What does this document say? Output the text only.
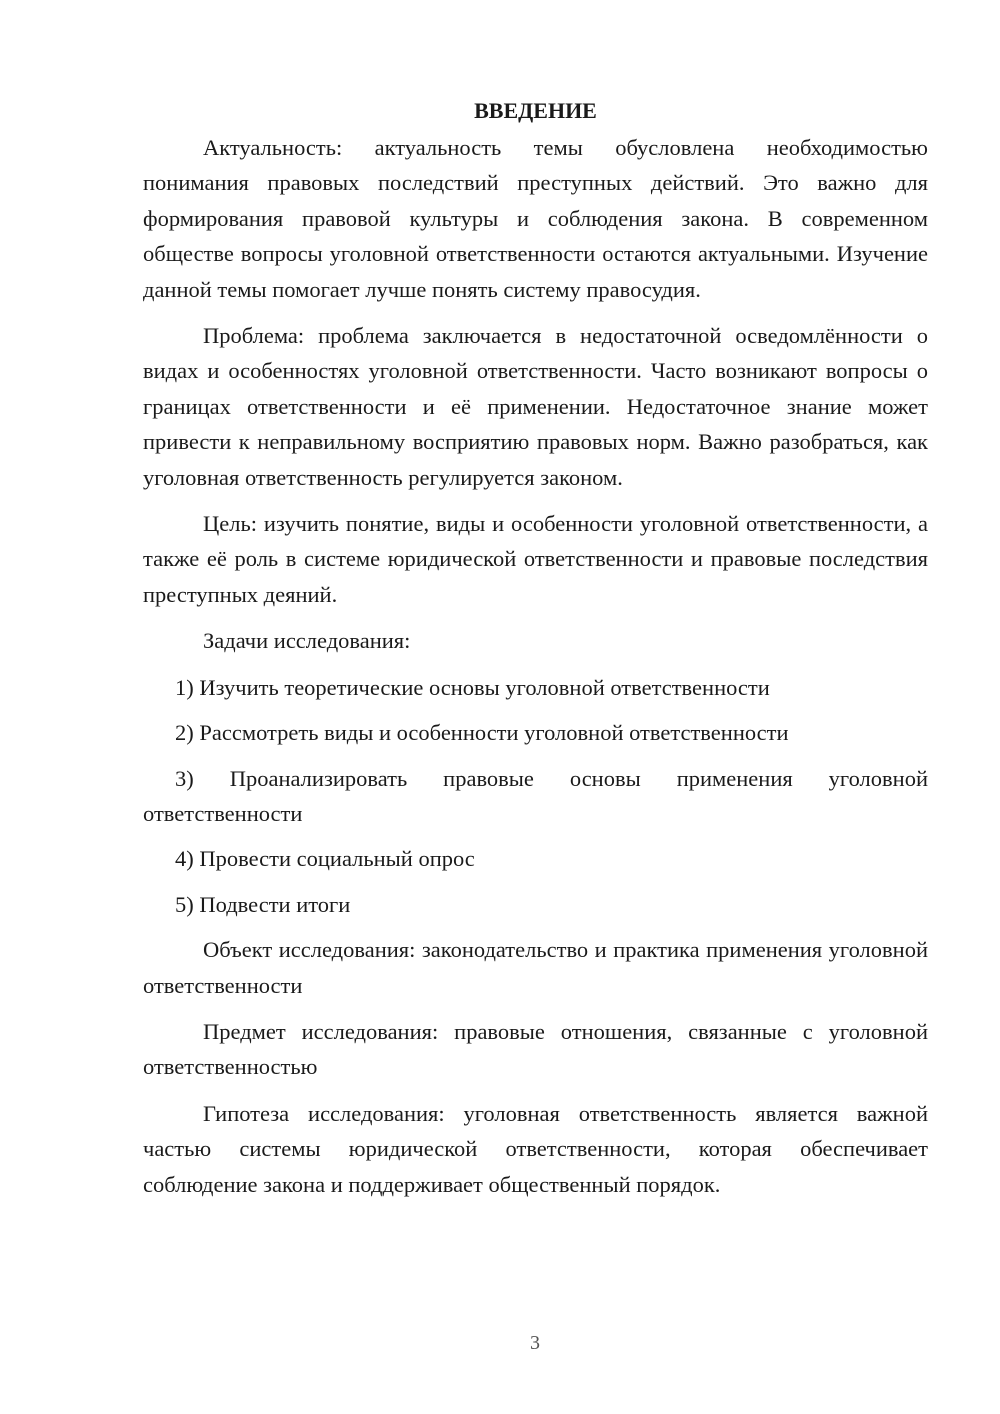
ВВЕДЕНИЕ

Актуальность: актуальность темы обусловлена необходимостью понимания правовых последствий преступных действий. Это важно для формирования правовой культуры и соблюдения закона. В современном обществе вопросы уголовной ответственности остаются актуальными. Изучение данной темы помогает лучше понять систему правосудия.

Проблема: проблема заключается в недостаточной осведомлённости о видах и особенностях уголовной ответственности. Часто возникают вопросы о границах ответственности и её применении. Недостаточное знание может привести к неправильному восприятию правовых норм. Важно разобраться, как уголовная ответственность регулируется законом.

Цель: изучить понятие, виды и особенности уголовной ответственности, а также её роль в системе юридической ответственности и правовые последствия преступных деяний.

Задачи исследования:

1) Изучить теоретические основы уголовной ответственности

2) Рассмотреть виды и особенности уголовной ответственности

3) Проанализировать правовые основы применения уголовной ответственности

4) Провести социальный опрос

5) Подвести итоги

Объект исследования: законодательство и практика применения уголовной ответственности

Предмет исследования: правовые отношения, связанные с уголовной ответственностью

Гипотеза исследования: уголовная ответственность является важной частью системы юридической ответственности, которая обеспечивает соблюдение закона и поддерживает общественный порядок.

3
